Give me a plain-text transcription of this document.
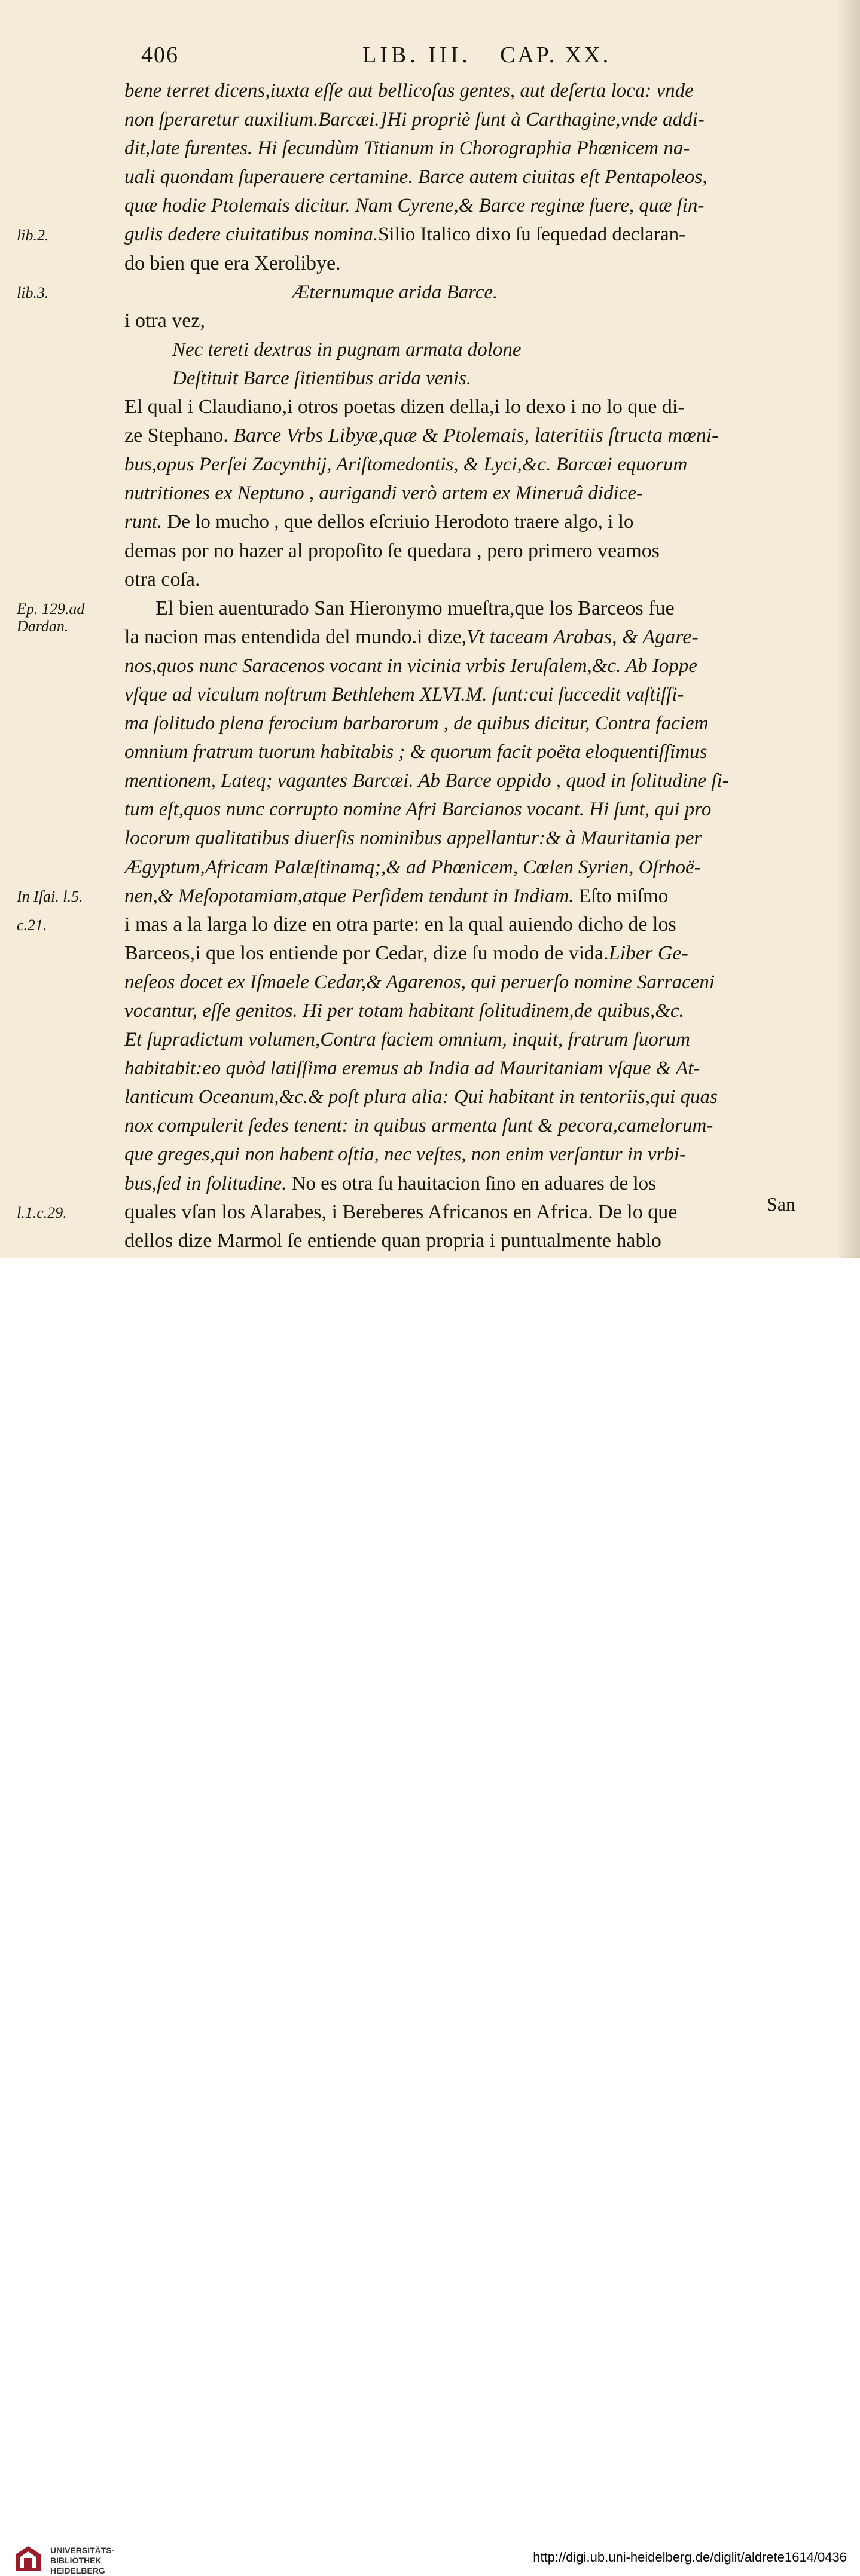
406	LIB. III. CAP. XX.
bene terret dicens,iuxta eſſe aut bellicoſas gentes, aut deſerta loca: vnde
non ſperaretur auxilium.Barcæi.]Hi propriè ſunt à Carthagine,vnde addi-
dit,late furentes. Hi ſecundùm Titianum in Chorographia Phœnicem na-
uali quondam ſuperauere certamine. Barce autem ciuitas eſt Pentapoleos,
quæ hodie Ptolemais dicitur. Nam Cyrene,& Barce reginæ fuere, quæ ſin-
gulis dedere ciuitatibus nomina.Silio Italico dixo ſu ſequedad declaran-
do bien que era Xerolibye.
Æternumque arida Barce.
i otra vez,
Nec tereti dextras in pugnam armata dolone
Deſtituit Barce ſitientibus arida venis.
El qual i Claudiano,i otros poetas dizen della,i lo dexo i no lo que di-
ze Stephano. Barce Vrbs Libyæ,quæ & Ptolemais, lateritiis ſtructa mœni-
bus,opus Perſei Zacynthij, Ariſtomedontis, & Lyci,&c. Barcæi equorum
nutritiones ex Neptuno , aurigandi verò artem ex Mineruâ didice-
runt. De lo mucho , que dellos eſcriuio Herodoto traere algo, i lo
demas por no hazer al propoſito ſe quedara , pero primero veamos
otra coſa.
El bien auenturado San Hieronymo mueſtra,que los Barceos fue
la nacion mas entendida del mundo.i dize,Vt taceam Arabas, & Agare-
nos,quos nunc Saracenos vocant in vicinia vrbis Ieruſalem,&c. Ab Ioppe
vſque ad viculum noſtrum Bethlehem XLVI.M. ſunt:cui ſuccedit vaſtiſſi-
ma ſolitudo plena ferocium barbarorum , de quibus dicitur, Contra faciem
omnium fratrum tuorum habitabis ; & quorum facit poëta eloquentiſſimus
mentionem, Lateq; vagantes Barcæi. Ab Barce oppido , quod in ſolitudine ſi-
tum eſt,quos nunc corrupto nomine Afri Barcianos vocant. Hi ſunt, qui pro
locorum qualitatibus diuerſis nominibus appellantur:& à Mauritania per
Ægyptum,Africam Palæſtinamq;,& ad Phœnicem, Cœlen Syrien, Oſrhoë-
nen,& Meſopotamiam,atque Perſidem tendunt in Indiam. Eſto miſmo
i mas a la larga lo dize en otra parte: en la qual auiendo dicho de los
Barceos,i que los entiende por Cedar, dize ſu modo de vida.Liber Ge-
neſeos docet ex Iſmaele Cedar,& Agarenos, qui peruerſo nomine Sarraceni
vocantur, eſſe genitos. Hi per totam habitant ſolitudinem,de quibus,&c.
Et ſupradictum volumen,Contra faciem omnium, inquit, fratrum ſuorum
habitabit:eo quòd latiſſima eremus ab India ad Mauritaniam vſque & At-
lanticum Oceanum,&c.& poſt plura alia: Qui habitant in tentoriis,qui quas
nox compulerit ſedes tenent: in quibus armenta ſunt & pecora,camelorum-
que greges,qui non habent oſtia, nec veſtes, non enim verſantur in vrbi-
bus,ſed in ſolitudine. No es otra ſu hauitacion ſino en aduares de los
quales vſan los Alarabes, i Bereberes Africanos en Africa. De lo que
dellos dize Marmol ſe entiende quan propria i puntualmente hablo
lib.2.
lib.3.
Ep. 129.ad
Dardan.
In Iſai. l.5.
c.21.
l.1.c.29.	San
UNIVERSITÄTS-
BIBLIOTHEK
HEIDELBERG
http://digi.ub.uni-heidelberg.de/diglit/aldrete1614/0436
